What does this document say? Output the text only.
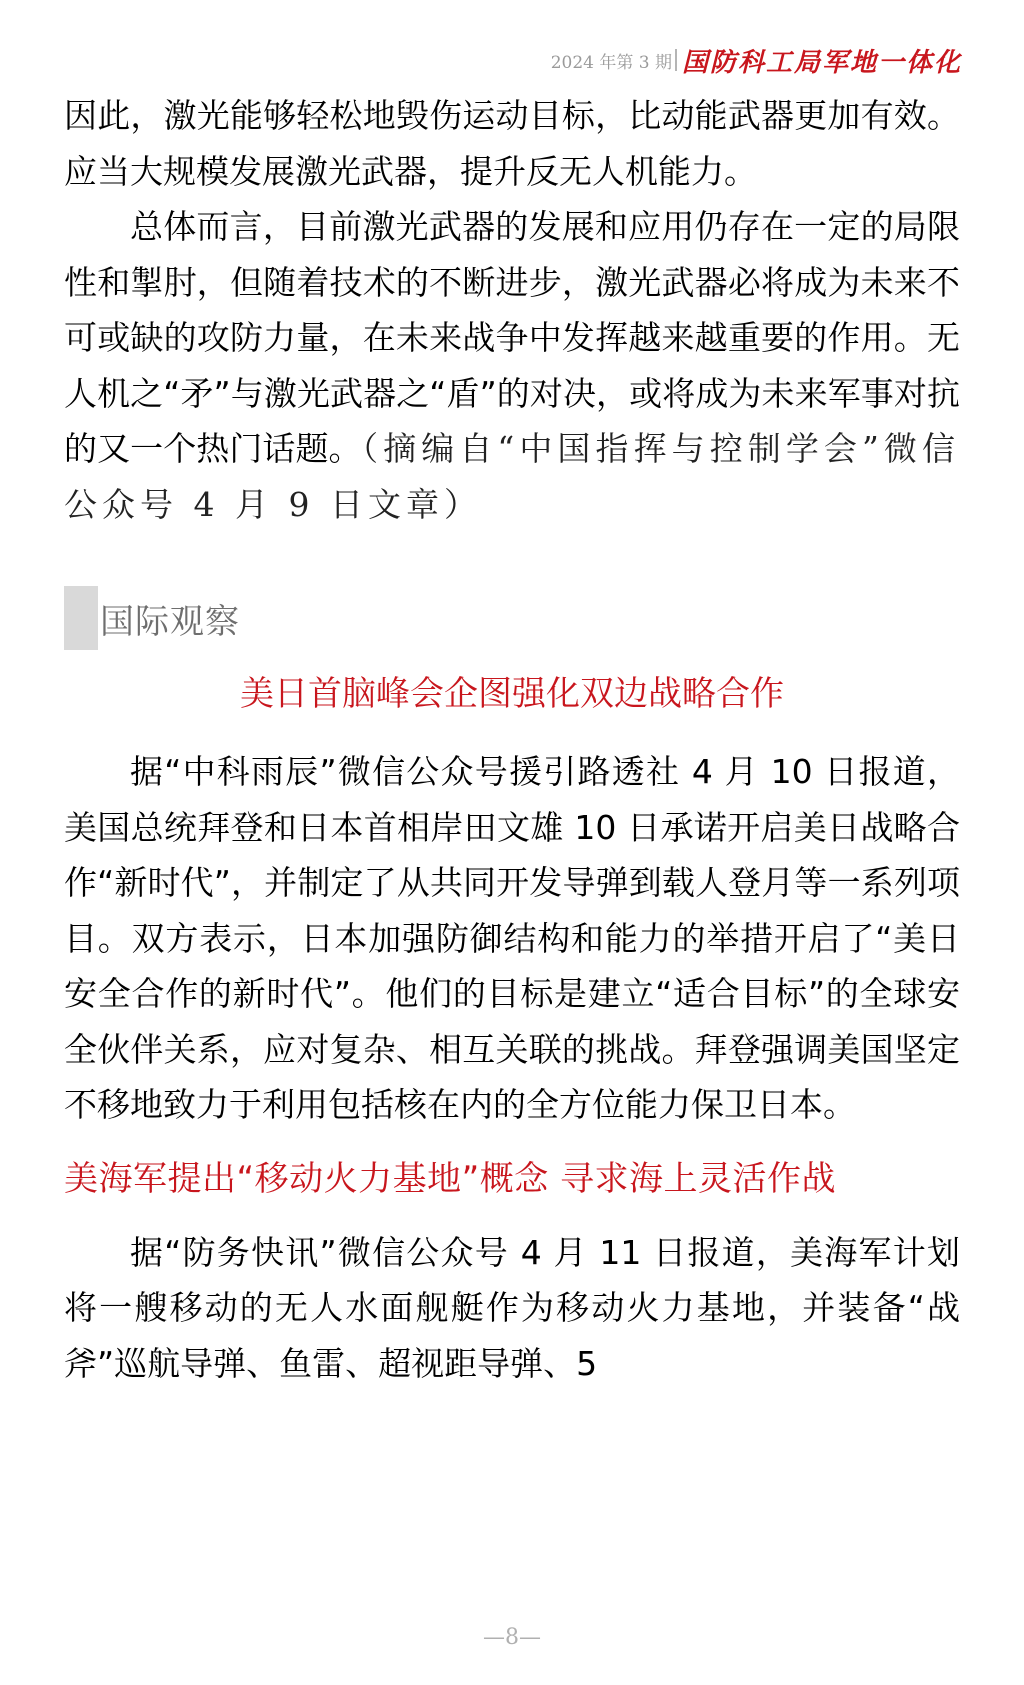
2024 年第 3 期 国防科工局军地一体化

因此，激光能够轻松地毁伤运动目标，比动能武器更加有效。应当大规模发展激光武器，提升反无人机能力。

总体而言，目前激光武器的发展和应用仍存在一定的局限性和掣肘，但随着技术的不断进步，激光武器必将成为未来不可或缺的攻防力量，在未来战争中发挥越来越重要的作用。无人机之“矛”与激光武器之“盾”的对决，或将成为未来军事对抗的又一个热门话题。（摘编自“中国指挥与控制学会”微信公众号 4 月 9 日文章）

国际观察
美日首脑峰会企图强化双边战略合作

据“中科雨辰”微信公众号援引路透社 4 月 10 日报道，美国总统拜登和日本首相岸田文雄 10 日承诺开启美日战略合作“新时代”，并制定了从共同开发导弹到载人登月等一系列项目。双方表示，日本加强防御结构和能力的举措开启了“美日安全合作的新时代”。他们的目标是建立“适合目标”的全球安全伙伴关系，应对复杂、相互关联的挑战。拜登强调美国坚定不移地致力于利用包括核在内的全方位能力保卫日本。

美海军提出“移动火力基地”概念 寻求海上灵活作战

据“防务快讯”微信公众号 4 月 11 日报道，美海军计划将一艘移动的无人水面舰艇作为移动火力基地，并装备“战斧”巡航导弹、鱼雷、超视距导弹、5

—8—
